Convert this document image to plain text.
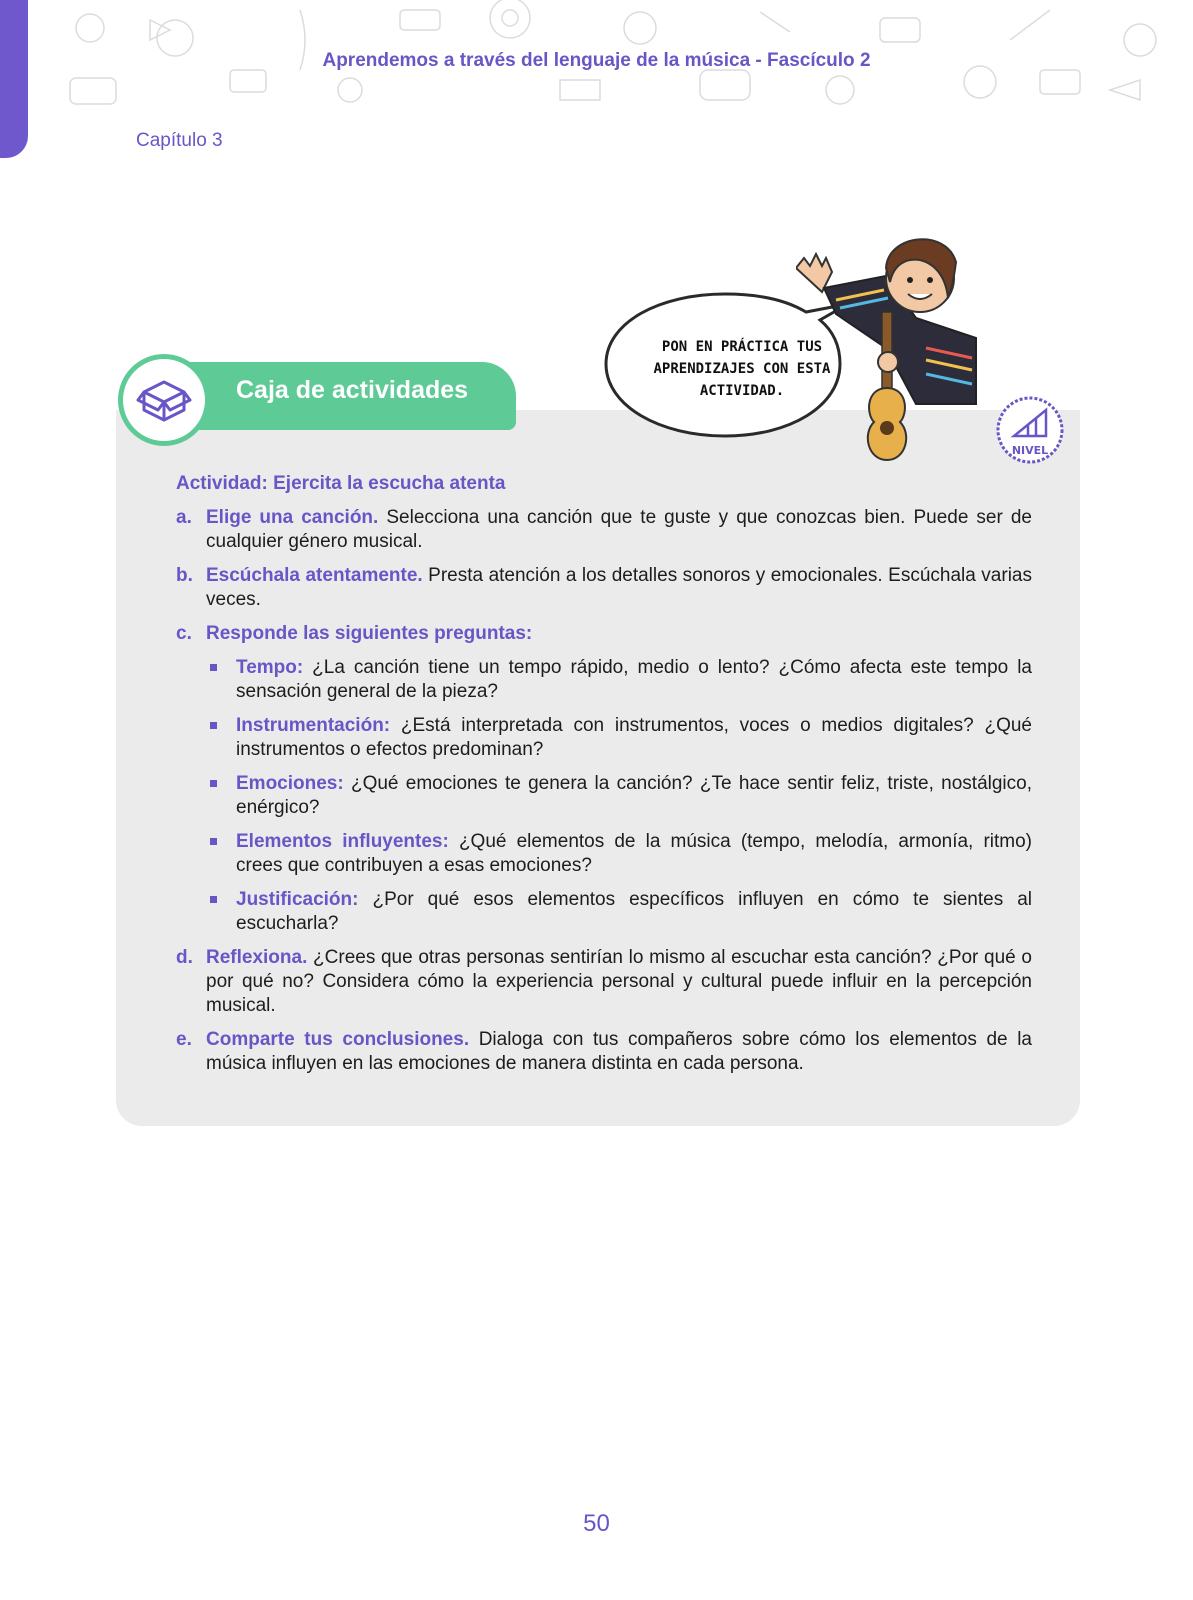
Aprendemos a través del lenguaje de la música - Fascículo 2
Capítulo 3
Caja de actividades
PON EN PRÁCTICA TUS APRENDIZAJES CON ESTA ACTIVIDAD.
NIVEL
Actividad: Ejercita la escucha atenta
a. Elige una canción. Selecciona una canción que te guste y que conozcas bien. Puede ser de cualquier género musical.
b. Escúchala atentamente. Presta atención a los detalles sonoros y emocionales. Escúchala varias veces.
c. Responde las siguientes preguntas:
Tempo: ¿La canción tiene un tempo rápido, medio o lento? ¿Cómo afecta este tempo la sensación general de la pieza?
Instrumentación: ¿Está interpretada con instrumentos, voces o medios digitales? ¿Qué instrumentos o efectos predominan?
Emociones: ¿Qué emociones te genera la canción? ¿Te hace sentir feliz, triste, nostálgico, enérgico?
Elementos influyentes: ¿Qué elementos de la música (tempo, melodía, armonía, ritmo) crees que contribuyen a esas emociones?
Justificación: ¿Por qué esos elementos específicos influyen en cómo te sientes al escucharla?
d. Reflexiona. ¿Crees que otras personas sentirían lo mismo al escuchar esta canción? ¿Por qué o por qué no? Considera cómo la experiencia personal y cultural puede influir en la percepción musical.
e. Comparte tus conclusiones. Dialoga con tus compañeros sobre cómo los elementos de la música influyen en las emociones de manera distinta en cada persona.
50
